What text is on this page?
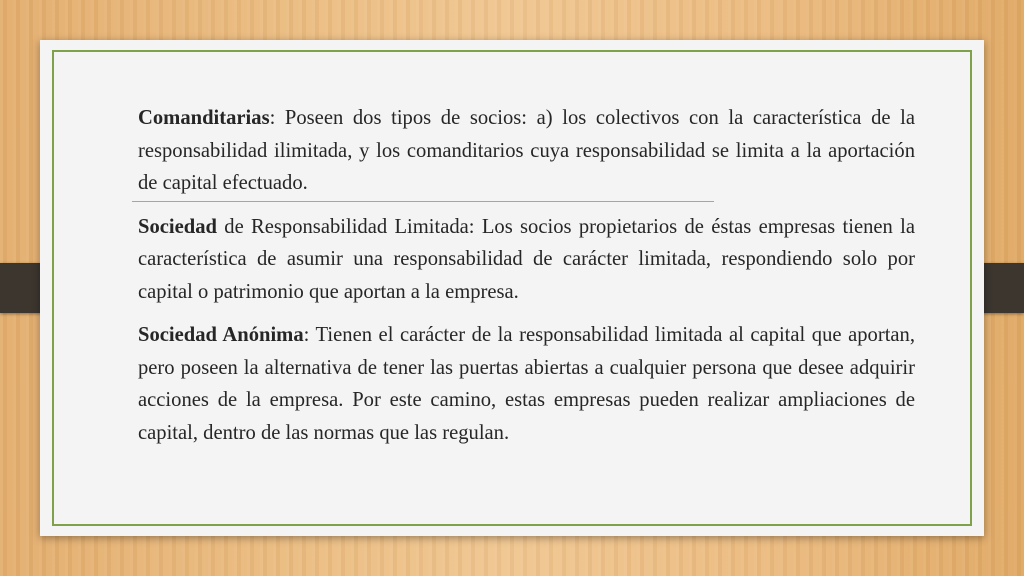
Comanditarias: Poseen dos tipos de socios: a) los colectivos con la característica de la responsabilidad ilimitada, y los comanditarios cuya responsabilidad se limita a la aportación de capital efectuado.

Sociedad de Responsabilidad Limitada: Los socios propietarios de éstas empresas tienen la característica de asumir una responsabilidad de carácter limitada, respondiendo solo por capital o patrimonio que aportan a la empresa.

Sociedad Anónima: Tienen el carácter de la responsabilidad limitada al capital que aportan, pero poseen la alternativa de tener las puertas abiertas a cualquier persona que desee adquirir acciones de la empresa. Por este camino, estas empresas pueden realizar ampliaciones de capital, dentro de las normas que las regulan.
